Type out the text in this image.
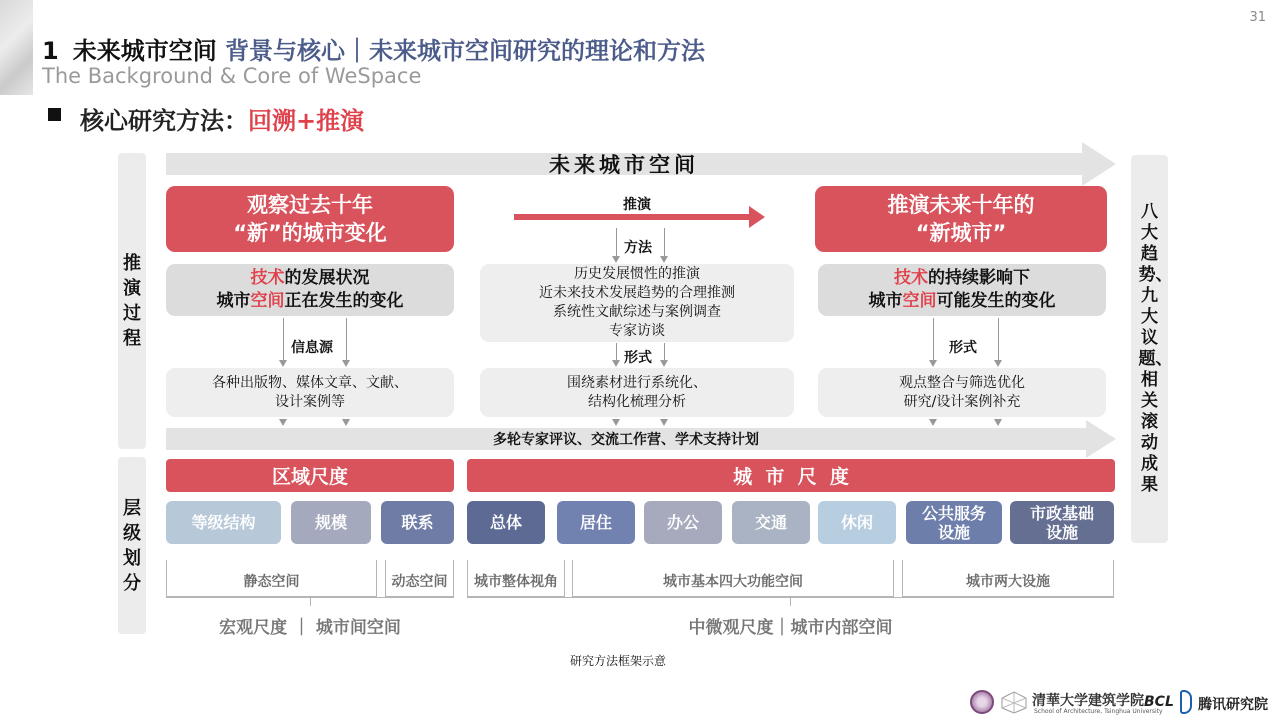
31
1 未来城市空间 背景与核心｜未来城市空间研究的理论和方法
The Background & Core of WeSpace
核心研究方法：回溯+推演
推演过程
层级划分
未来城市空间
观察过去十年
“新”的城市变化
技术的发展状况
城市空间正在发生的变化
信息源
各种出版物、媒体文章、文献、
设计案例等
推演
方法
历史发展惯性的推演
近未来技术发展趋势的合理推测
系统性文献综述与案例调查
专家访谈
形式
围绕素材进行系统化、
结构化梳理分析
推演未来十年的
“新城市”
技术的持续影响下
城市空间可能发生的变化
形式
观点整合与筛选优化
研究/设计案例补充
多轮专家评议、交流工作营、学术支持计划
八大趋势、九大议题、相关滚动成果
区域尺度	城  市  尺  度
等级结构	规模	联系	总体	居住	办公	交通	休闲	公共服务
设施
市政基础
设施
静态空间	动态空间 城市整体视角	城市基本四大功能空间	城市两大设施
宏观尺度 ｜ 城市间空间	中微观尺度｜城市内部空间
研究方法框架示意
清華大学建筑学院
School of Architecture, Tsinghua University
BCL 腾讯研究院
